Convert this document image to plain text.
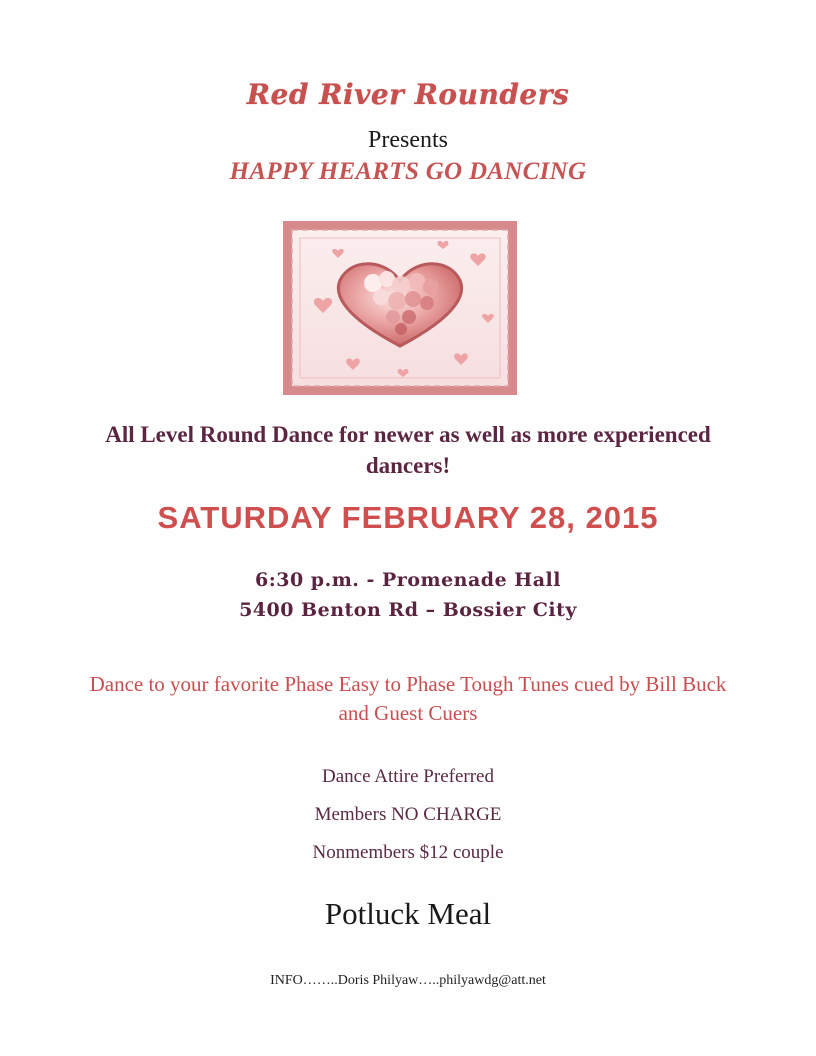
Red River Rounders
Presents
HAPPY HEARTS GO DANCING
All Level Round Dance for newer as well as more experienced
dancers!
SATURDAY FEBRUARY 28, 2015
6:30 p.m. - Promenade Hall
5400 Benton Rd – Bossier City
Dance to your favorite Phase Easy to Phase Tough Tunes cued by Bill Buck
and Guest Cuers
Dance Attire Preferred
Members NO CHARGE
Nonmembers $12 couple
Potluck Meal
INFO……..Doris Philyaw…..philyawdg@att.net
